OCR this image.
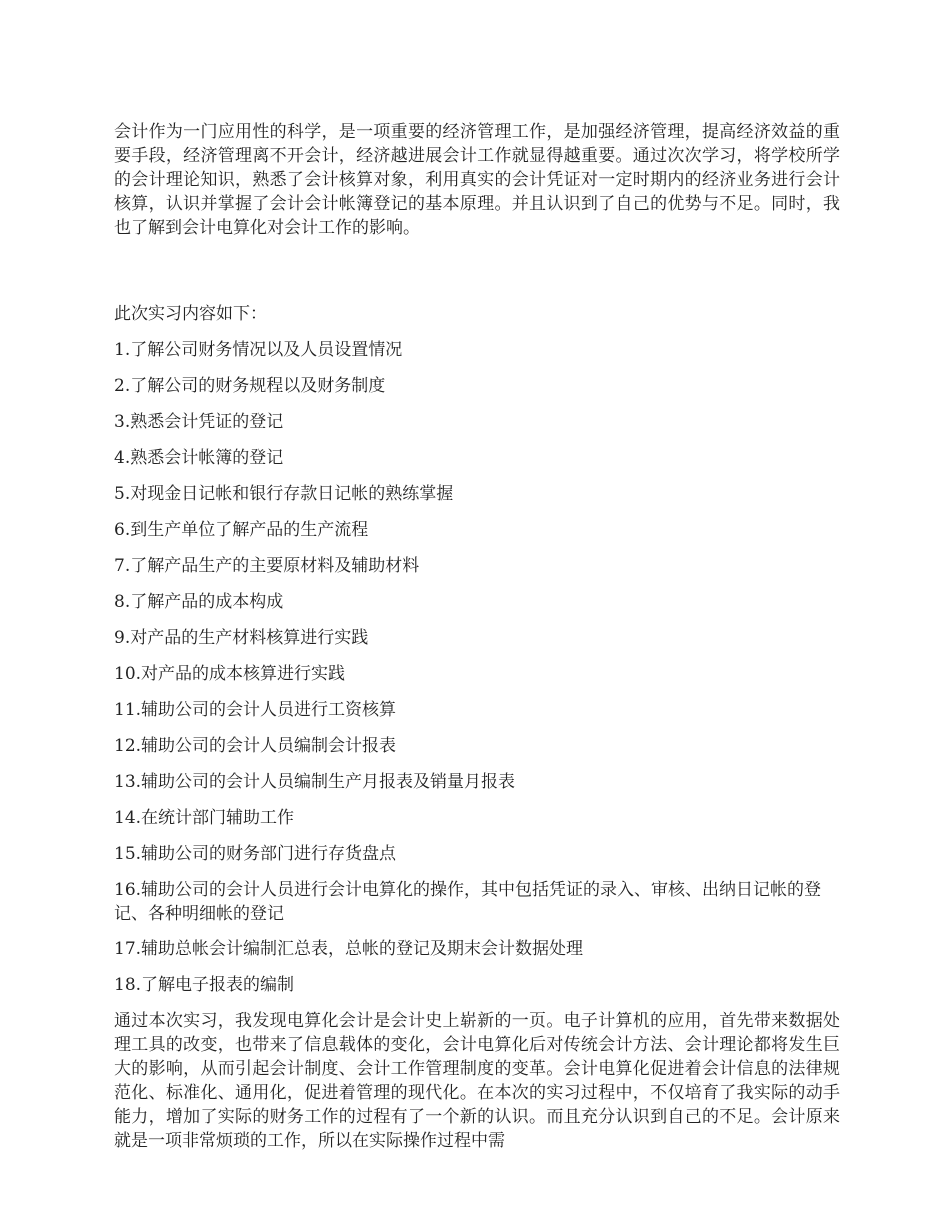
会计作为一门应用性的科学，是一项重要的经济管理工作，是加强经济管理，提高经济效益的重要手段，经济管理离不开会计，经济越进展会计工作就显得越重要。通过次次学习，将学校所学的会计理论知识，熟悉了会计核算对象，利用真实的会计凭证对一定时期内的经济业务进行会计核算，认识并掌握了会计会计帐簿登记的基本原理。并且认识到了自己的优势与不足。同时，我也了解到会计电算化对会计工作的影响。

此次实习内容如下：

1.了解公司财务情况以及人员设置情况
2.了解公司的财务规程以及财务制度
3.熟悉会计凭证的登记
4.熟悉会计帐簿的登记
5.对现金日记帐和银行存款日记帐的熟练掌握
6.到生产单位了解产品的生产流程
7.了解产品生产的主要原材料及辅助材料
8.了解产品的成本构成
9.对产品的生产材料核算进行实践
10.对产品的成本核算进行实践
11.辅助公司的会计人员进行工资核算
12.辅助公司的会计人员编制会计报表
13.辅助公司的会计人员编制生产月报表及销量月报表
14.在统计部门辅助工作
15.辅助公司的财务部门进行存货盘点
16.辅助公司的会计人员进行会计电算化的操作，其中包括凭证的录入、审核、出纳日记帐的登记、各种明细帐的登记
17.辅助总帐会计编制汇总表，总帐的登记及期末会计数据处理
18.了解电子报表的编制

通过本次实习，我发现电算化会计是会计史上崭新的一页。电子计算机的应用，首先带来数据处理工具的改变，也带来了信息载体的变化，会计电算化后对传统会计方法、会计理论都将发生巨大的影响，从而引起会计制度、会计工作管理制度的变革。会计电算化促进着会计信息的法律规范化、标准化、通用化，促进着管理的现代化。在本次的实习过程中，不仅培育了我实际的动手能力，增加了实际的财务工作的过程有了一个新的认识。而且充分认识到自己的不足。会计原来就是一项非常烦琐的工作，所以在实际操作过程中需
